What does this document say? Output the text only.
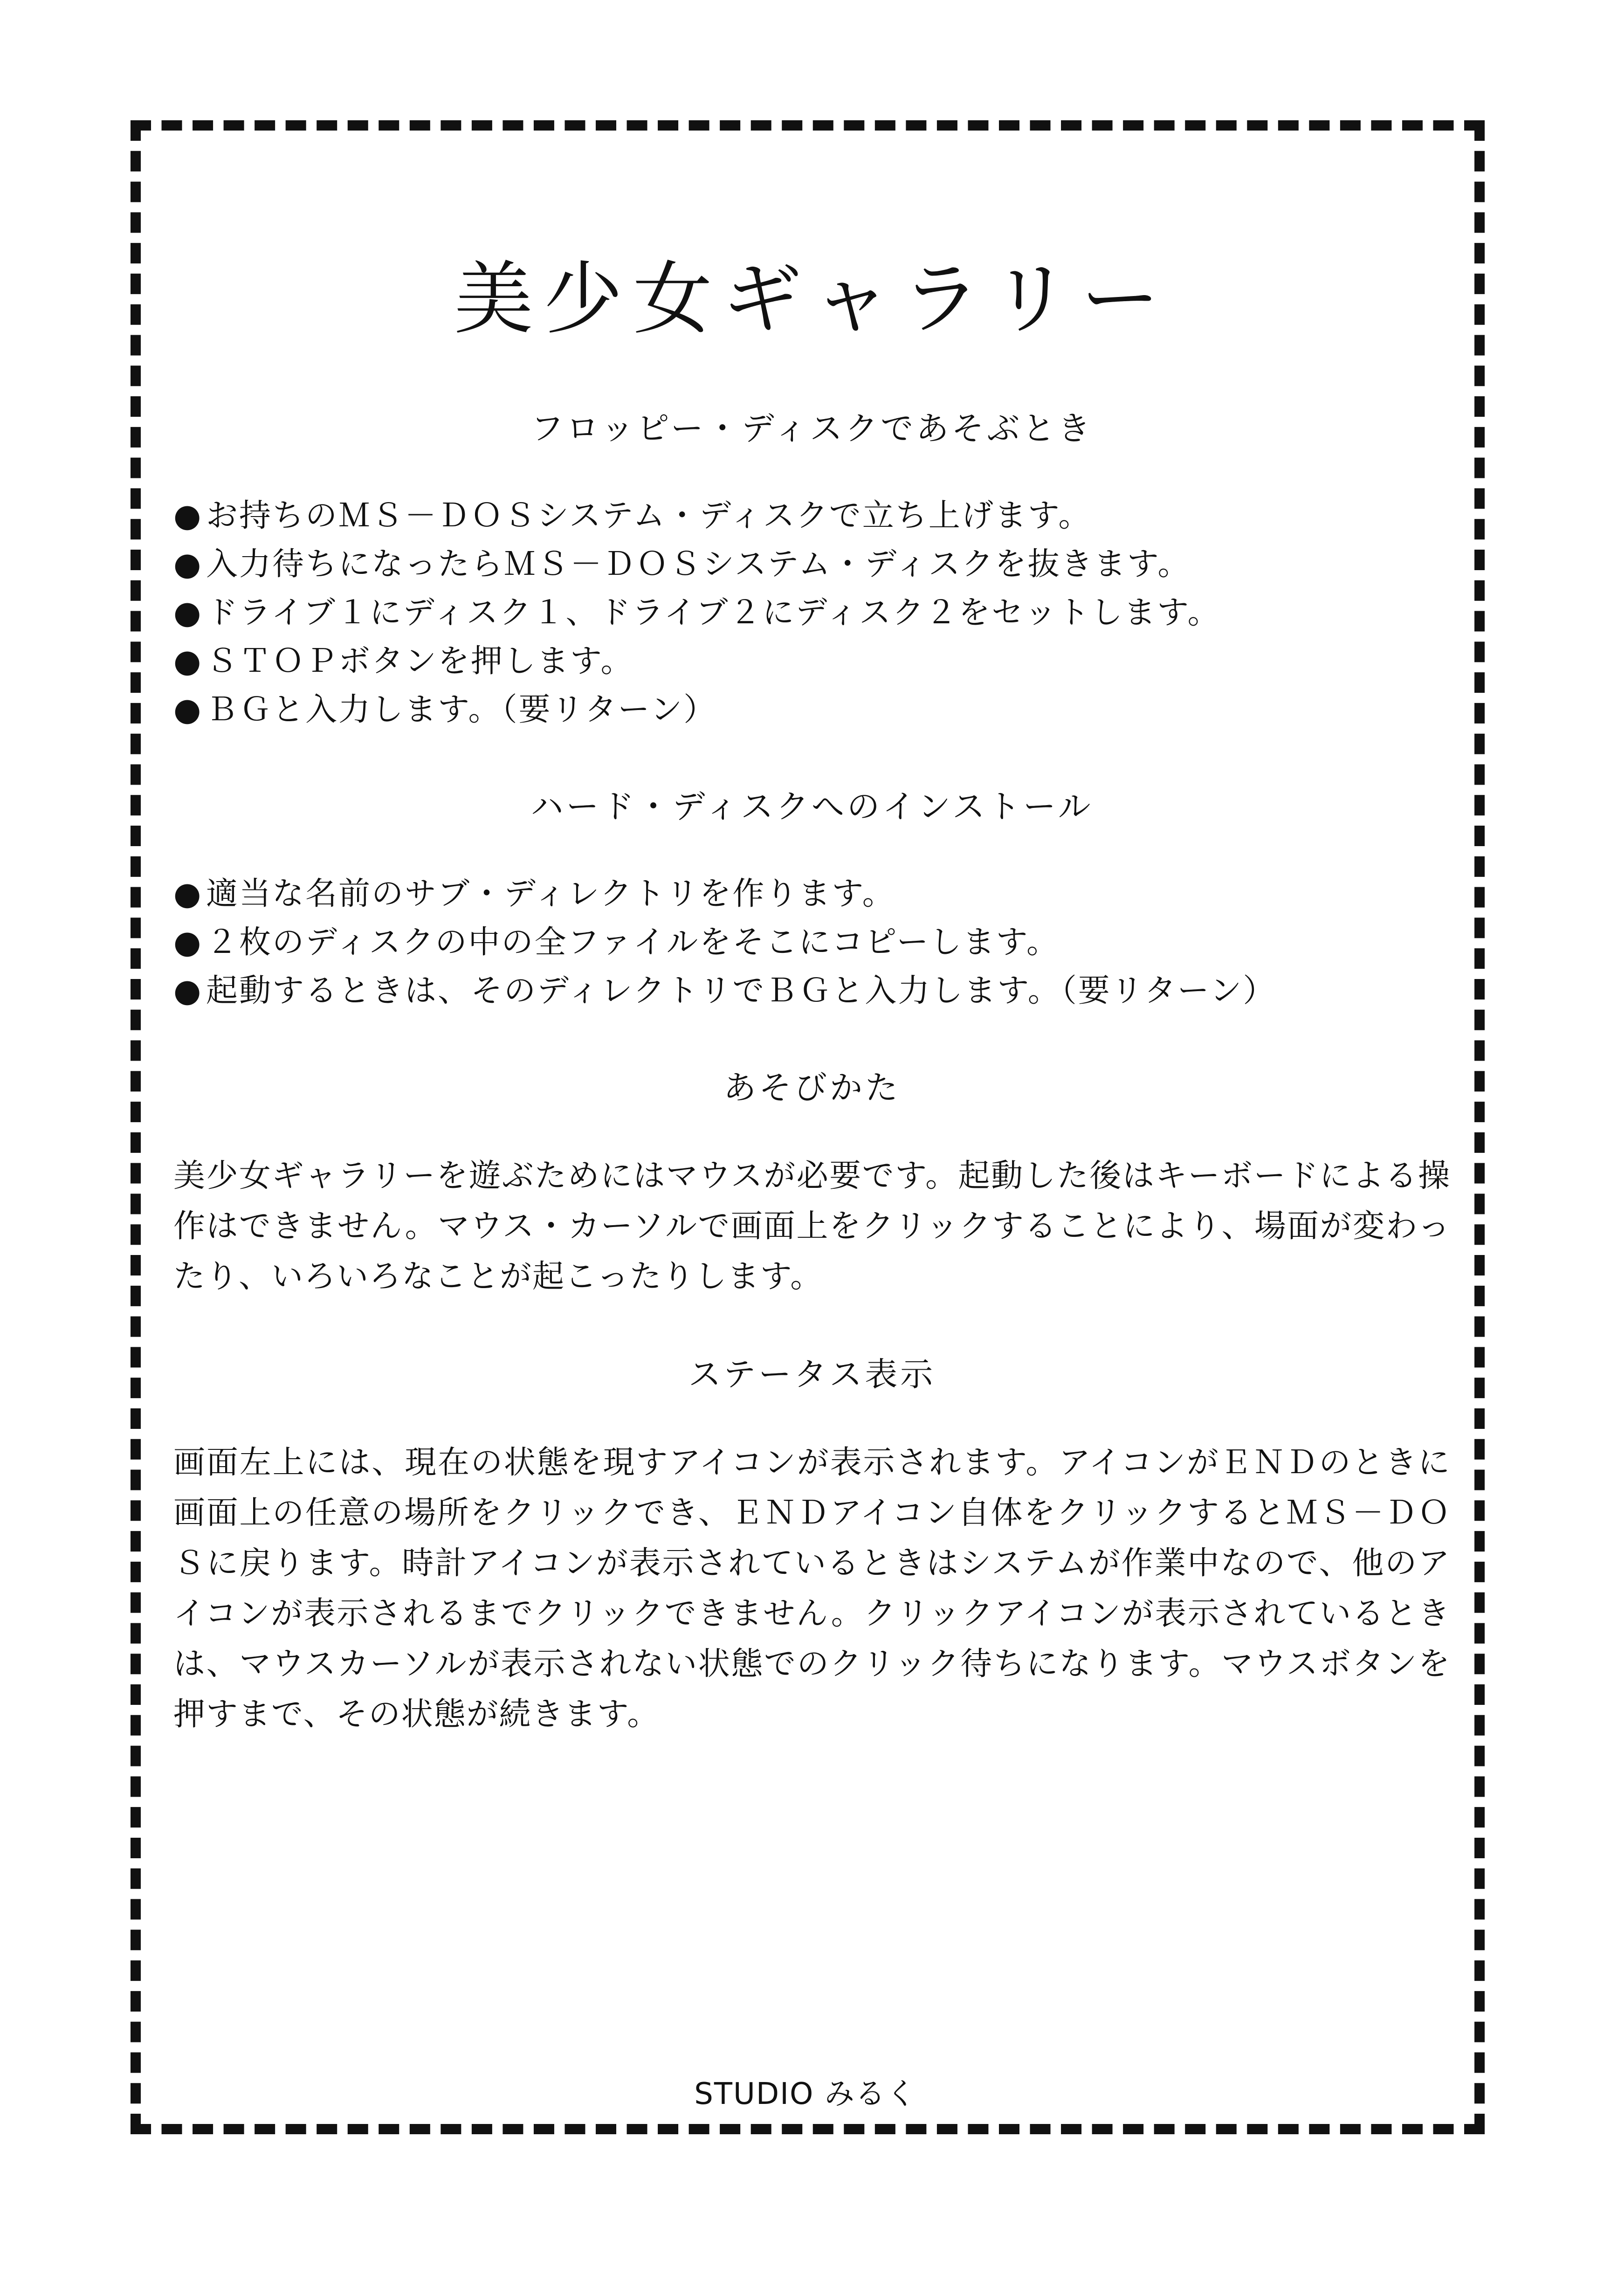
美少女ギャラリー
フロッピー・ディスクであそぶとき
● お持ちのＭＳ－ＤＯＳシステム・ディスクで立ち上げます。
● 入力待ちになったらＭＳ－ＤＯＳシステム・ディスクを抜きます。
● ドライブ１にディスク１、ドライブ２にディスク２をセットします。
● ＳＴＯＰボタンを押します。
● ＢＧと入力します。（要リターン）
ハード・ディスクへのインストール
● 適当な名前のサブ・ディレクトリを作ります。
● ２枚のディスクの中の全ファイルをそこにコピーします。
● 起動するときは、そのディレクトリでＢＧと入力します。（要リターン）
あそびかた

美少女ギャラリーを遊ぶためにはマウスが必要です。起動した後はキーボードによる操作はできません。マウス・カーソルで画面上をクリックすることにより、場面が変わったり、いろいろなことが起こったりします。

ステータス表示

画面左上には、現在の状態を現すアイコンが表示されます。アイコンがＥＮＤのときに画面上の任意の場所をクリックでき、ＥＮＤアイコン自体をクリックするとＭＳ－ＤＯＳに戻ります。時計アイコンが表示されているときはシステムが作業中なので、他のアイコンが表示されるまでクリックできません。クリックアイコンが表示されているときは、マウスカーソルが表示されない状態でのクリック待ちになります。マウスボタンを押すまで、その状態が続きます。

STUDIO みるく
